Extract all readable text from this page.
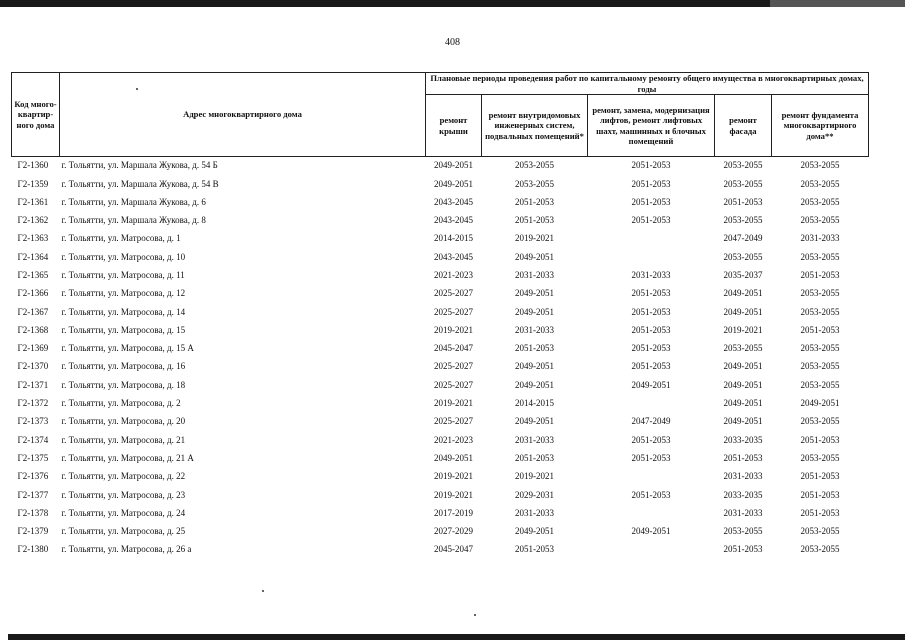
408
Код много-квартир-ного дома	Адрес многоквартирного дома	Плановые периоды проведения работ по капитальному ремонту общего имущества в многоквартирных домах, годы				
		ремонт крыши	ремонт внутридомовых инженерных систем, подвальных помещений*	ремонт, замена, модернизация лифтов, ремонт лифтовых шахт, машинных и блочных помещений	ремонт фасада	ремонт фундамента многоквартирного дома**
Г2-1360	г. Тольятти, ул. Маршала Жукова, д. 54 Б	2049-2051	2053-2055	2051-2053	2053-2055	2053-2055
Г2-1359	г. Тольятти, ул. Маршала Жукова, д. 54 В	2049-2051	2053-2055	2051-2053	2053-2055	2053-2055
Г2-1361	г. Тольятти, ул. Маршала Жукова, д. 6	2043-2045	2051-2053	2051-2053	2051-2053	2053-2055
Г2-1362	г. Тольятти, ул. Маршала Жукова, д. 8	2043-2045	2051-2053	2051-2053	2053-2055	2053-2055
Г2-1363	г. Тольятти, ул. Матросова, д. 1	2014-2015	2019-2021		2047-2049	2031-2033
Г2-1364	г. Тольятти, ул. Матросова, д. 10	2043-2045	2049-2051		2053-2055	2053-2055
Г2-1365	г. Тольятти, ул. Матросова, д. 11	2021-2023	2031-2033	2031-2033	2035-2037	2051-2053
Г2-1366	г. Тольятти, ул. Матросова, д. 12	2025-2027	2049-2051	2051-2053	2049-2051	2053-2055
Г2-1367	г. Тольятти, ул. Матросова, д. 14	2025-2027	2049-2051	2051-2053	2049-2051	2053-2055
Г2-1368	г. Тольятти, ул. Матросова, д. 15	2019-2021	2031-2033	2051-2053	2019-2021	2051-2053
Г2-1369	г. Тольятти, ул. Матросова, д. 15 А	2045-2047	2051-2053	2051-2053	2053-2055	2053-2055
Г2-1370	г. Тольятти, ул. Матросова, д. 16	2025-2027	2049-2051	2051-2053	2049-2051	2053-2055
Г2-1371	г. Тольятти, ул. Матросова, д. 18	2025-2027	2049-2051	2049-2051	2049-2051	2053-2055
Г2-1372	г. Тольятти, ул. Матросова, д. 2	2019-2021	2014-2015		2049-2051	2049-2051
Г2-1373	г. Тольятти, ул. Матросова, д. 20	2025-2027	2049-2051	2047-2049	2049-2051	2053-2055
Г2-1374	г. Тольятти, ул. Матросова, д. 21	2021-2023	2031-2033	2051-2053	2033-2035	2051-2053
Г2-1375	г. Тольятти, ул. Матросова, д. 21 А	2049-2051	2051-2053	2051-2053	2051-2053	2053-2055
Г2-1376	г. Тольятти, ул. Матросова, д. 22	2019-2021	2019-2021		2031-2033	2051-2053
Г2-1377	г. Тольятти, ул. Матросова, д. 23	2019-2021	2029-2031	2051-2053	2033-2035	2051-2053
Г2-1378	г. Тольятти, ул. Матросова, д. 24	2017-2019	2031-2033		2031-2033	2051-2053
Г2-1379	г. Тольятти, ул. Матросова, д. 25	2027-2029	2049-2051	2049-2051	2053-2055	2053-2055
Г2-1380	г. Тольятти, ул. Матросова, д. 26 а	2045-2047	2051-2053		2051-2053	2053-2055
